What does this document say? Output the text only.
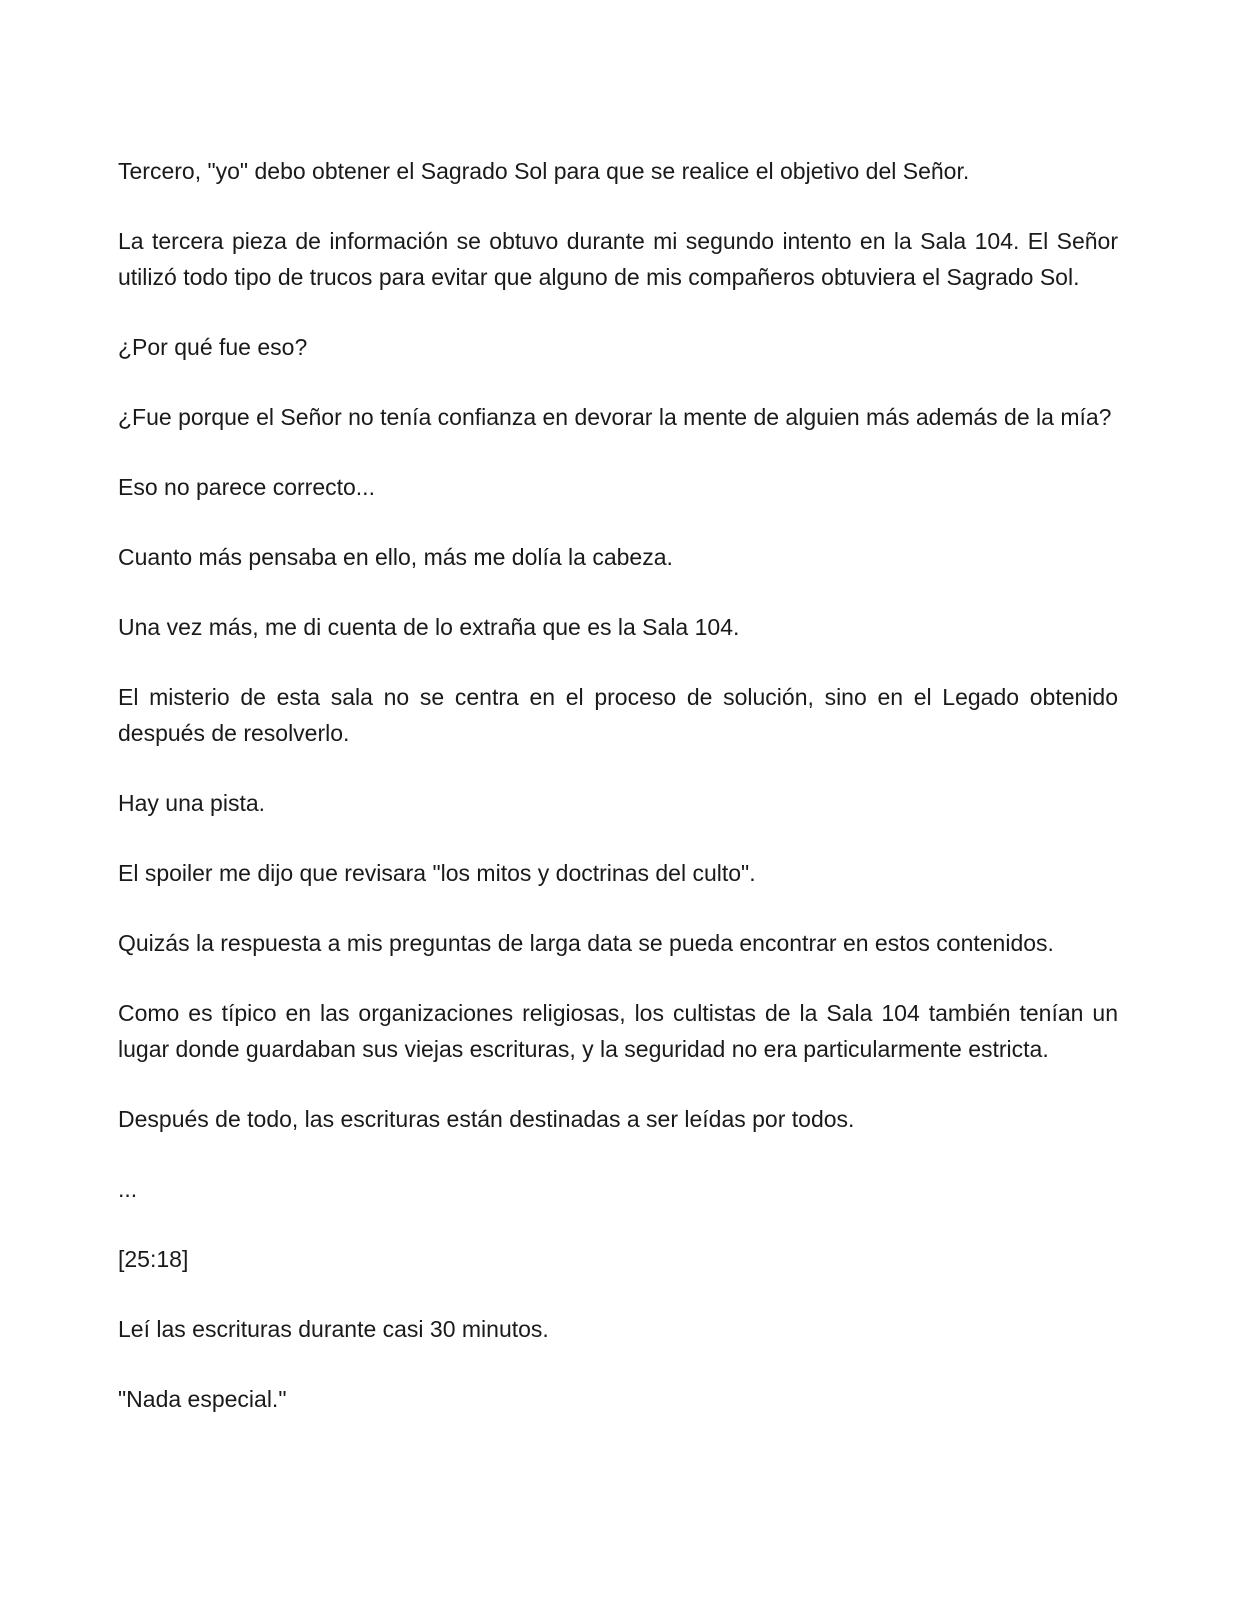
Tercero, "yo" debo obtener el Sagrado Sol para que se realice el objetivo del Señor.

La tercera pieza de información se obtuvo durante mi segundo intento en la Sala 104. El Señor utilizó todo tipo de trucos para evitar que alguno de mis compañeros obtuviera el Sagrado Sol.

¿Por qué fue eso?

¿Fue porque el Señor no tenía confianza en devorar la mente de alguien más además de la mía?

Eso no parece correcto...

Cuanto más pensaba en ello, más me dolía la cabeza.

Una vez más, me di cuenta de lo extraña que es la Sala 104.

El misterio de esta sala no se centra en el proceso de solución, sino en el Legado obtenido después de resolverlo.

Hay una pista.

El spoiler me dijo que revisara "los mitos y doctrinas del culto".

Quizás la respuesta a mis preguntas de larga data se pueda encontrar en estos contenidos.

Como es típico en las organizaciones religiosas, los cultistas de la Sala 104 también tenían un lugar donde guardaban sus viejas escrituras, y la seguridad no era particularmente estricta.

Después de todo, las escrituras están destinadas a ser leídas por todos.

...

[25:18]

Leí las escrituras durante casi 30 minutos.

"Nada especial."
